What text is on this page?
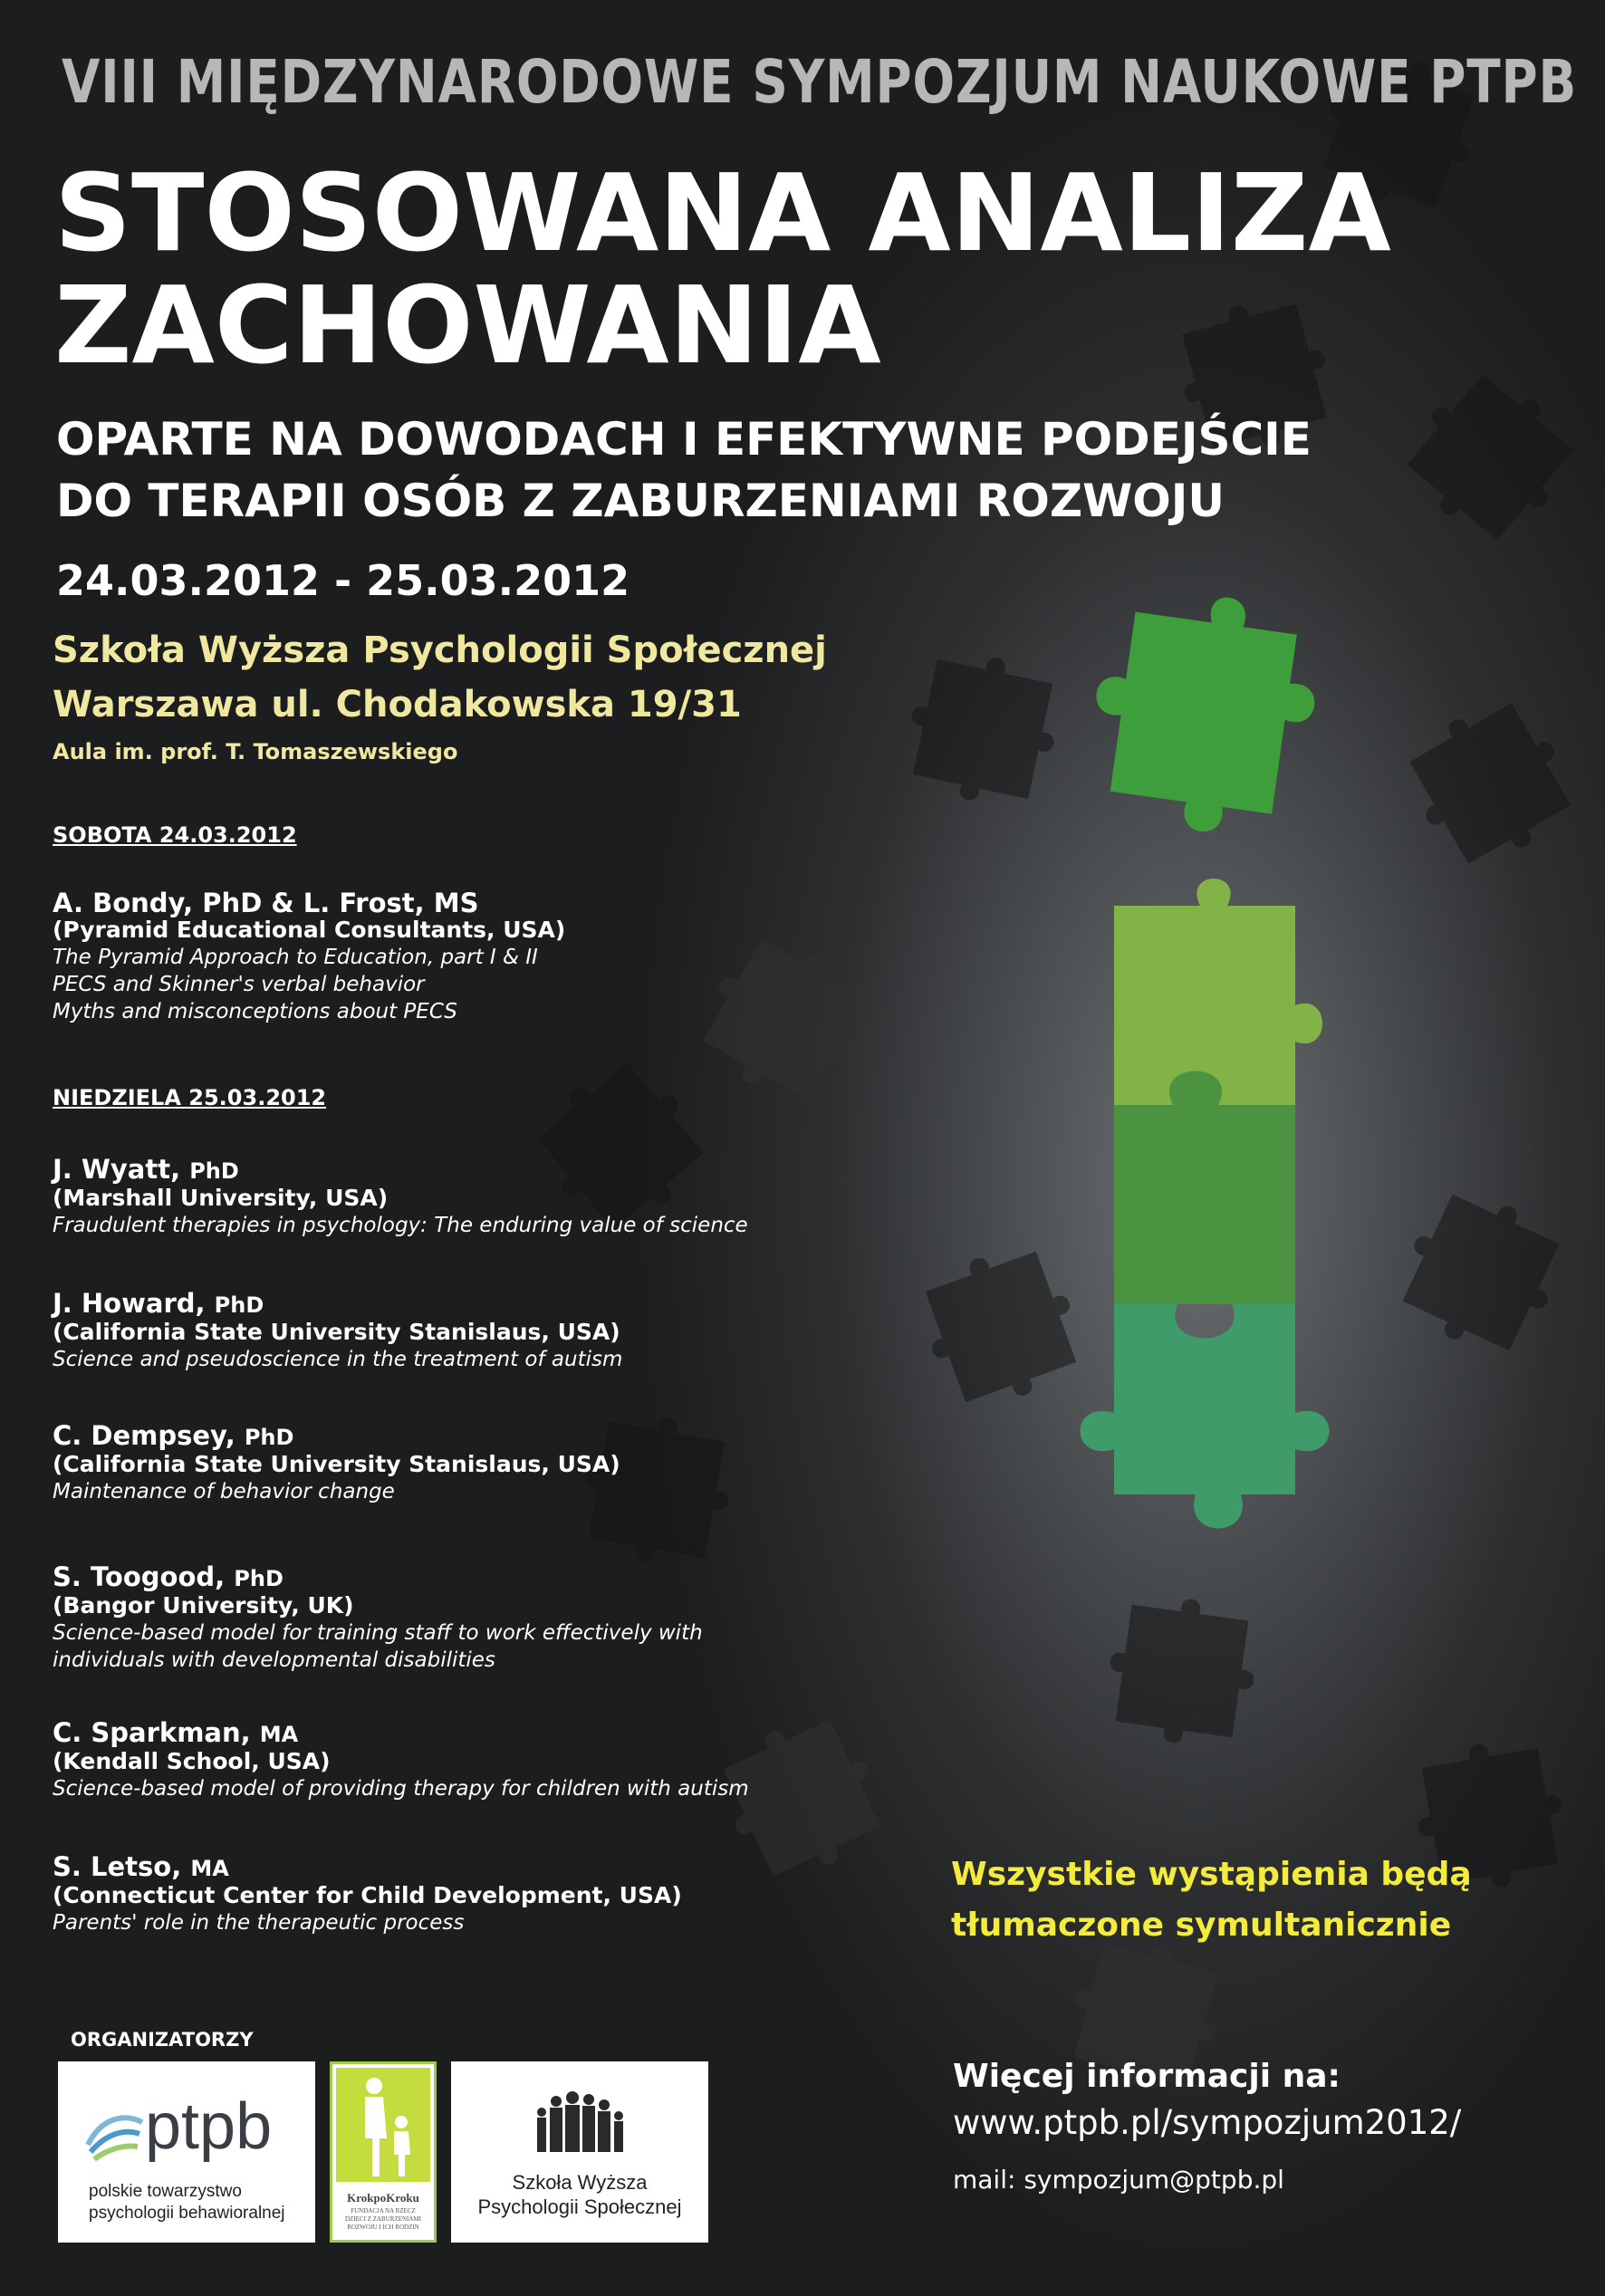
VIII MIĘDZYNARODOWE SYMPOZJUM NAUKOWE PTPB

STOSOWANA ANALIZA

ZACHOWANIA

OPARTE NA DOWODACH I EFEKTYWNE PODEJŚCIE

DO TERAPII OSÓB Z ZABURZENIAMI ROZWOJU

24.03.2012 - 25.03.2012

Szkoła Wyższa Psychologii Społecznej

Warszawa ul. Chodakowska 19/31

Aula im. prof. T. Tomaszewskiego

SOBOTA 24.03.2012

A. Bondy, PhD & L. Frost, MS
(Pyramid Educational Consultants, USA)
The Pyramid Approach to Education, part I & II
PECS and Skinner's verbal behavior
Myths and misconceptions about PECS

NIEDZIELA 25.03.2012

J. Wyatt, PhD
(Marshall University, USA)
Fraudulent therapies in psychology: The enduring value of science
J. Howard, PhD
(California State University Stanislaus, USA)
Science and pseudoscience in the treatment of autism
C. Dempsey, PhD
(California State University Stanislaus, USA)
Maintenance of behavior change
S. Toogood, PhD
(Bangor University, UK)
Science-based model for training staff to work effectively with
individuals with developmental disabilities
C. Sparkman, MA
(Kendall School, USA)
Science-based model of providing therapy for children with autism
S. Letso, MA
(Connecticut Center for Child Development, USA)
Parents' role in the therapeutic process
Wszystkie wystąpienia będą
tłumaczone symultanicznie

Więcej informacji na:

www.ptpb.pl/sympozjum2012/

mail: sympozjum@ptpb.pl

ORGANIZATORZY

ptpb
polskie towarzystwo
psychologii behawioralnej
KrokpoKroku
FUNDACJA NA RZECZ
DZIECI Z ZABURZENIAMI
ROZWOJU I ICH RODZIN
Szkoła Wyższa
Psychologii Społecznej
